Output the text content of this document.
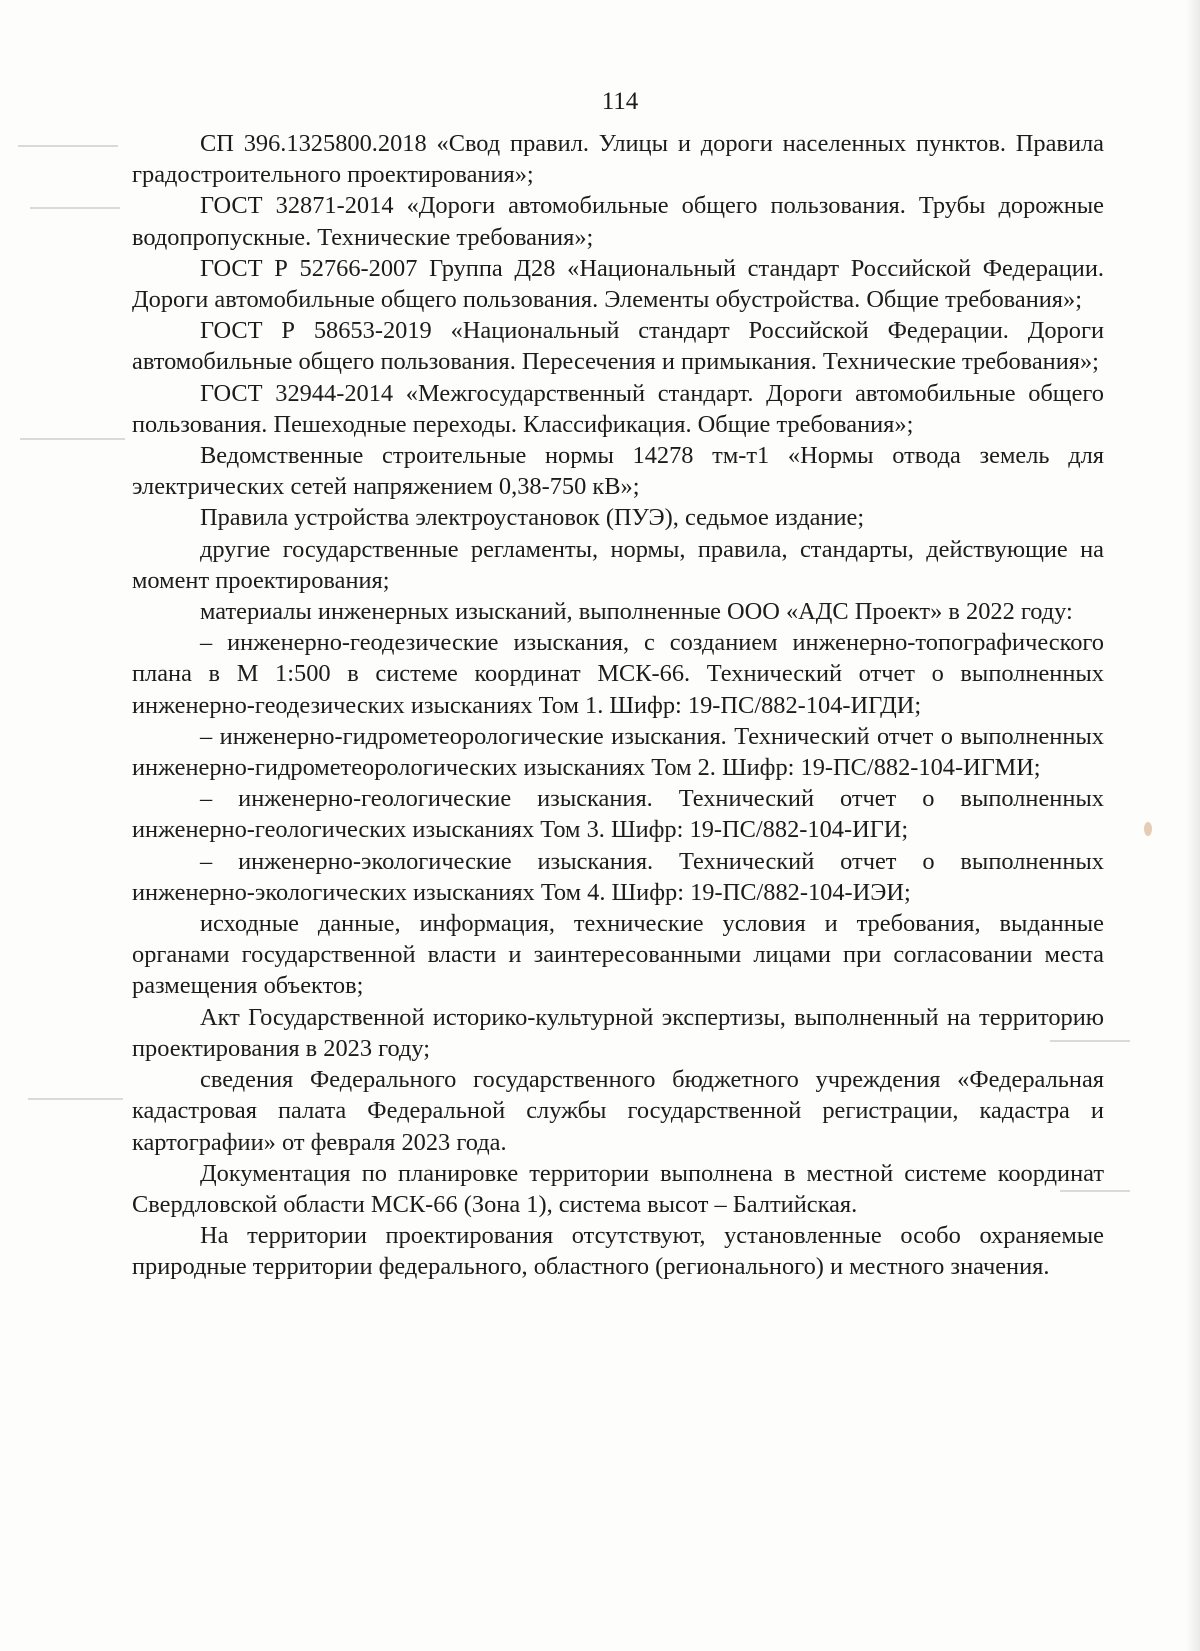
114

СП 396.1325800.2018 «Свод правил. Улицы и дороги населенных пунктов. Правила градостроительного проектирования»;

ГОСТ 32871-2014 «Дороги автомобильные общего пользования. Трубы дорожные водопропускные. Технические требования»;

ГОСТ Р 52766-2007 Группа Д28 «Национальный стандарт Российской Федерации. Дороги автомобильные общего пользования. Элементы обустройства. Общие требования»;

ГОСТ Р 58653-2019 «Национальный стандарт Российской Федерации. Дороги автомобильные общего пользования. Пересечения и примыкания. Технические требования»;

ГОСТ 32944-2014 «Межгосударственный стандарт. Дороги автомобильные общего пользования. Пешеходные переходы. Классификация. Общие требования»;

Ведомственные строительные нормы 14278 тм-т1 «Нормы отвода земель для электрических сетей напряжением 0,38-750 кВ»;

Правила устройства электроустановок (ПУЭ), седьмое издание;

другие государственные регламенты, нормы, правила, стандарты, действующие на момент проектирования;

материалы инженерных изысканий, выполненные ООО «АДС Проект» в 2022 году:

– инженерно-геодезические изыскания, с созданием инженерно-топографического плана в М 1:500 в системе координат МСК-66. Технический отчет о выполненных инженерно-геодезических изысканиях Том 1. Шифр: 19-ПС/882-104-ИГДИ;

– инженерно-гидрометеорологические изыскания. Технический отчет о выполненных инженерно-гидрометеорологических изысканиях Том 2. Шифр: 19-ПС/882-104-ИГМИ;

– инженерно-геологические изыскания. Технический отчет о выполненных инженерно-геологических изысканиях Том 3. Шифр: 19-ПС/882-104-ИГИ;

– инженерно-экологические изыскания. Технический отчет о выполненных инженерно-экологических изысканиях Том 4. Шифр: 19-ПС/882-104-ИЭИ;

исходные данные, информация, технические условия и требования, выданные органами государственной власти и заинтересованными лицами при согласовании места размещения объектов;

Акт Государственной историко-культурной экспертизы, выполненный на территорию проектирования в 2023 году;

сведения Федерального государственного бюджетного учреждения «Федеральная кадастровая палата Федеральной службы государственной регистрации, кадастра и картографии» от февраля 2023 года.

Документация по планировке территории выполнена в местной системе координат Свердловской области МСК-66 (Зона 1), система высот – Балтийская.

На территории проектирования отсутствуют, установленные особо охраняемые природные территории федерального, областного (регионального) и местного значения.
